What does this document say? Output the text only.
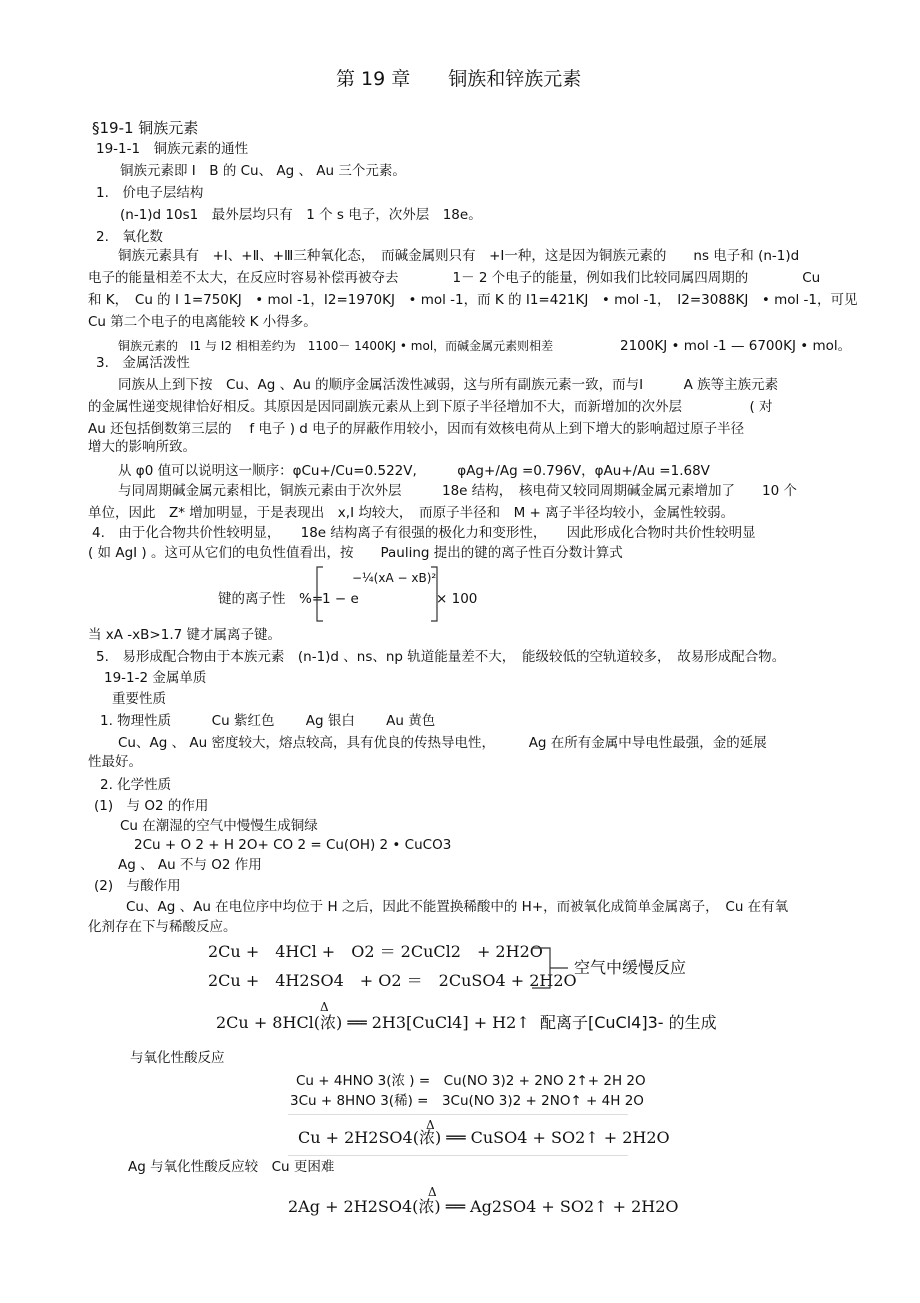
第 19 章　　铜族和锌族元素
§19-1 铜族元素
19-1-1　铜族元素的通性
铜族元素即 Ⅰ　B 的 Cu、 Ag 、 Au 三个元素。
1.　价电子层结构
(n-1)d 10s1　最外层均只有　1 个 s 电子，次外层　18e。
2.　氧化数
铜族元素具有　+Ⅰ、+Ⅱ、+Ⅲ三种氧化态，　而碱金属则只有　+Ⅰ一种，这是因为铜族元素的　　ns 电子和 (n-1)d
电子的能量相差不太大，在反应时容易补偿再被夺去　　　　1－ 2 个电子的能量，例如我们比较同属四周期的　　　　Cu
和 K，　Cu 的 I 1=750KJ　• mol -1，I2=1970KJ　• mol -1，而 K 的 I1=421KJ　• mol -1，　I2=3088KJ　• mol -1，可见
Cu 第二个电子的电离能较 K 小得多。
铜族元素的　I1 与 I2 相相差约为　1100－ 1400KJ • mol，而碱金属元素则相差	2100KJ • mol -1 — 6700KJ • mol。
3.　金属活泼性
同族从上到下按　Cu、Ag 、Au 的顺序金属活泼性减弱，这与所有副族元素一致，而与Ⅰ　　　A 族等主族元素
的金属性递变规律恰好相反。其原因是因同副族元素从上到下原子半径增加不大，而新增加的次外层　　　　　( 对
Au 还包括倒数第三层的　 f 电子 ) d 电子的屏蔽作用较小，因而有效核电荷从上到下增大的影响超过原子半径
增大的影响所致。
从 φ0 值可以说明这一顺序：φCu+/Cu=0.522V,　　　φAg+/Ag =0.796V，φAu+/Au =1.68V
与同周期碱金属元素相比，铜族元素由于次外层　　　18e 结构，　核电荷又较同周期碱金属元素增加了　　10 个
单位，因此　Z* 增加明显，于是表现出　x,I 均较大，　而原子半径和　M + 离子半径均较小，金属性较弱。
4.　由于化合物共价性较明显，　　18e 结构离子有很强的极化力和变形性，　　因此形成化合物时共价性较明显
( 如 AgI ) 。这可从它们的电负性值看出，按　　Pauling 提出的键的离子性百分数计算式
键的离子性　%=
1 − e
−¼(xA − xB)²
× 100
当 xA -xB>1.7 键才属离子键。
5.　易形成配合物由于本族元素　(n-1)d 、ns、np 轨道能量差不大，　能级较低的空轨道较多，　故易形成配合物。
19-1-2 金属单质
重要性质
1. 物理性质　　　Cu 紫红色　　 Ag 银白　　 Au 黄色
Cu、Ag 、 Au 密度较大，熔点较高，具有优良的传热导电性，　　　Ag 在所有金属中导电性最强，金的延展
性最好。
2. 化学性质
(1)　与 O2 的作用
Cu 在潮湿的空气中慢慢生成铜绿
2Cu + O 2 + H 2O+ CO 2 = Cu(OH) 2 • CuCO3
Ag 、 Au 不与 O2 作用
(2)　与酸作用
Cu、Ag 、Au 在电位序中均位于 H 之后，因此不能置换稀酸中的 H+，而被氧化成简单金属离子，　Cu 在有氧
化剂存在下与稀酸反应。
2Cu +　4HCl +　O2 ＝ 2CuCl2　+ 2H2O
2Cu +　4H2SO4　+ O2 ＝　2CuSO4 + 2H2O
空气中缓慢反应
Δ
2Cu + 8HCl(浓) ══ 2H3[CuCl4] + H2↑ 配离子[CuCl4]3- 的生成
与氧化性酸反应
Cu + 4HNO 3(浓 ) =　Cu(NO 3)2 + 2NO 2↑+ 2H 2O
3Cu + 8HNO 3(稀) =　3Cu(NO 3)2 + 2NO↑ + 4H 2O
Δ
Cu + 2H2SO4(浓) ══ CuSO4 + SO2↑ + 2H2O
Ag 与氧化性酸反应较　Cu 更困难
Δ
2Ag + 2H2SO4(浓) ══ Ag2SO4 + SO2↑ + 2H2O
